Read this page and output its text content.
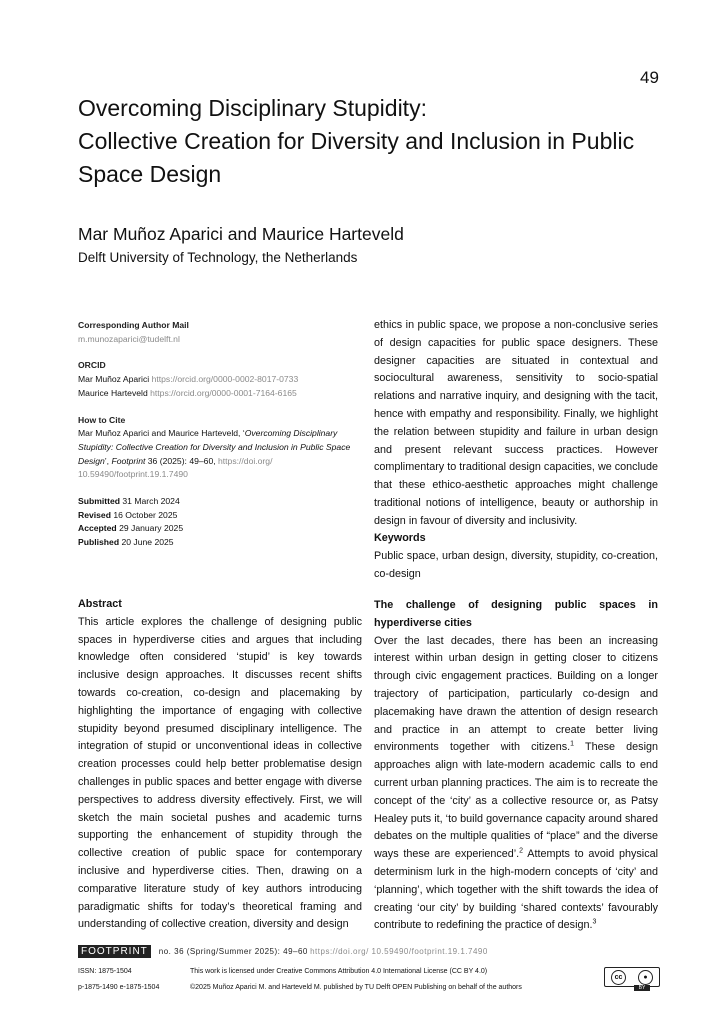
49
Overcoming Disciplinary Stupidity:
Collective Creation for Diversity and Inclusion in Public
Space Design
Mar Muñoz Aparici and Maurice Harteveld
Delft University of Technology, the Netherlands
Corresponding Author Mail
m.munozaparici@tudelft.nl
ORCID
Mar Muñoz Aparici https://orcid.org/0000-0002-8017-0733
Maurice Harteveld https://orcid.org/0000-0001-7164-6165
How to Cite
Mar Muñoz Aparici and Maurice Harteveld, ‘Overcoming Disciplinary Stupidity: Collective Creation for Diversity and Inclusion in Public Space Design’, Footprint 36 (2025): 49–60, https://doi.org/ 10.59490/footprint.19.1.7490
Submitted 31 March 2024
Revised 16 October 2025
Accepted 29 January 2025
Published 20 June 2025
Abstract

This article explores the challenge of designing public spaces in hyperdiverse cities and argues that including knowledge often considered ‘stupid’ is key towards inclusive design approaches. It discusses recent shifts towards co-creation, co-design and placemaking by highlighting the importance of engaging with collective stupidity beyond presumed disciplinary intelligence. The integration of stupid or unconventional ideas in collective creation processes could help better problematise design challenges in public spaces and better engage with diverse perspectives to address diversity effectively. First, we will sketch the main societal pushes and academic turns supporting the enhancement of stupidity through the collective creation of public space for contemporary inclusive and hyperdiverse cities. Then, drawing on a comparative literature study of key authors introducing paradigmatic shifts for today’s theoretical framing and understanding of collective creation, diversity and design

ethics in public space, we propose a non-conclusive series of design capacities for public space designers. These designer capacities are situated in contextual and sociocultural awareness, sensitivity to socio-spatial relations and narrative inquiry, and designing with the tacit, hence with empathy and responsibility. Finally, we highlight the relation between stupidity and failure in urban design and present relevant success practices. However complimentary to traditional design capacities, we conclude that these ethico-aesthetic approaches might challenge traditional notions of intelligence, beauty or authorship in design in favour of diversity and inclusivity.

Keywords

Public space, urban design, diversity, stupidity, co-creation, co-design

The challenge of designing public spaces in hyperdiverse cities

Over the last decades, there has been an increasing interest within urban design in getting closer to citizens through civic engagement practices. Building on a longer trajectory of participation, particularly co-design and placemaking have drawn the attention of design research and practice in an attempt to create better living environments together with citizens.$^1$ These design approaches align with late-modern academic calls to end current urban planning practices. The aim is to recreate the concept of the ‘city’ as a collective resource or, as Patsy Healey puts it, ‘to build governance capacity around shared debates on the multiple qualities of “place” and the diverse ways these are experienced’.$^2$ Attempts to avoid physical determinism lurk in the high-modern concepts of ‘city’ and ‘planning’, which together with the shift towards the idea of creating ‘our city’ by building ‘shared contexts’ favourably contribute to redefining the practice of design.$^3$

FOOTPRINT no. 36 (Spring/Summer 2025): 49–60 https://doi.org/ 10.59490/footprint.19.1.7490
ISSN: 1875-1504
p-1875-1490 e-1875-1504
This work is licensed under Creative Commons Attribution 4.0 International License (CC BY 4.0)
©2025 Muñoz Aparici M. and Harteveld M. published by TU Delft OPEN Publishing on behalf of the authors
cc	●
BY
